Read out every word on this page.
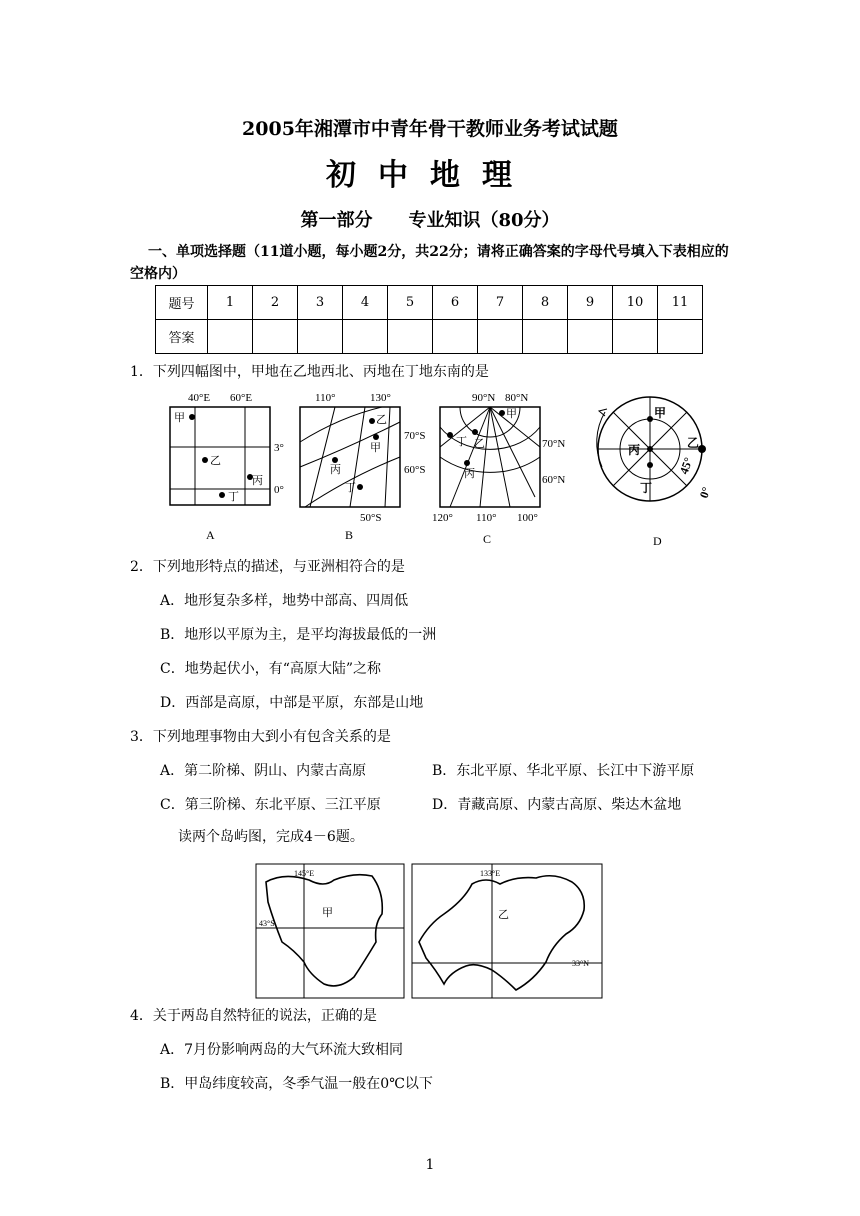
2005年湘潭市中青年骨干教师业务考试试题
初中地理
第一部分　　专业知识（80分）
一、单项选择题（11道小题，每小题2分，共22分；请将正确答案的字母代号填入下表相应的空格内）
题号	1	2	3	4	5	6	7	8	9	10	11
答案											
1．下列四幅图中，甲地在乙地西北、丙地在丁地东南的是
40°E 60°E
3°
0°
甲
乙
丙
丁
A
110°	130°
70°S
60°S
50°S
乙
甲
丙
丁
B
90°N 80°N
70°N
60°N
120° 110° 100°
甲
丁 乙
丙
C
甲
乙
丙
丁
45°
0°
D
2．下列地形特点的描述，与亚洲相符合的是
A．地形复杂多样，地势中部高、四周低
B．地形以平原为主，是平均海拔最低的一洲
C．地势起伏小，有“高原大陆”之称
D．西部是高原，中部是平原，东部是山地
3．下列地理事物由大到小有包含关系的是
A．第二阶梯、阴山、内蒙古高原	B．东北平原、华北平原、长江中下游平原
C．第三阶梯、东北平原、三江平原	D．青藏高原、内蒙古高原、柴达木盆地
读两个岛屿图，完成4－6题。
145°E
43°S
甲
133°E
33°N
乙
4．关于两岛自然特征的说法，正确的是
A．7月份影响两岛的大气环流大致相同
B．甲岛纬度较高，冬季气温一般在0℃以下
1
